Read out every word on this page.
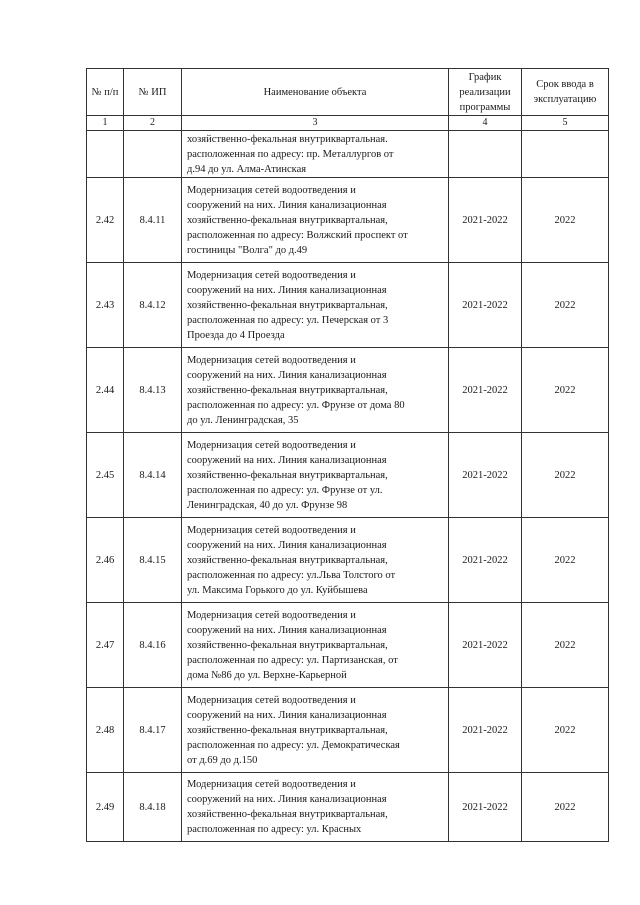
№ п/п	№ ИП	Наименование объекта	График реализации программы	Срок ввода в эксплуатацию
1	2	3	4	5

		хозяйственно-фекальная внутриквартальная.
расположенная по адресу: пр. Металлургов от
д.94 до ул. Алма-Атинская		

2.42	8.4.11	Модернизация сетей водоотведения и
сооружений на них. Линия канализационная
хозяйственно-фекальная внутриквартальная,
расположенная по адресу: Волжский проспект от
гостиницы "Волга" до д.49	2021-2022	2022
2.43	8.4.12	Модернизация сетей водоотведения и
сооружений на них. Линия канализационная
хозяйственно-фекальная внутриквартальная,
расположенная по адресу: ул. Печерская от 3
Проезда до 4 Проезда	2021-2022	2022
2.44	8.4.13	Модернизация сетей водоотведения и
сооружений на них. Линия канализационная
хозяйственно-фекальная внутриквартальная,
расположенная по адресу: ул. Фрунзе от дома 80
до ул. Ленинградская, 35	2021-2022	2022
2.45	8.4.14	Модернизация сетей водоотведения и
сооружений на них. Линия канализационная
хозяйственно-фекальная внутриквартальная,
расположенная по адресу: ул. Фрунзе от ул.
Ленинградская, 40 до ул. Фрунзе 98	2021-2022	2022
2.46	8.4.15	Модернизация сетей водоотведения и
сооружений на них. Линия канализационная
хозяйственно-фекальная внутриквартальная,
расположенная по адресу: ул.Льва Толстого от
ул. Максима Горького до ул. Куйбышева	2021-2022	2022
2.47	8.4.16	Модернизация сетей водоотведения и
сооружений на них. Линия канализационная
хозяйственно-фекальная внутриквартальная,
расположенная по адресу: ул. Партизанская, от
дома №86 до ул. Верхне-Карьерной	2021-2022	2022
2.48	8.4.17	Модернизация сетей водоотведения и
сооружений на них. Линия канализационная
хозяйственно-фекальная внутриквартальная,
расположенная по адресу: ул. Демократическая
от д.69 до д.150	2021-2022	2022
2.49	8.4.18	Модернизация сетей водоотведения и
сооружений на них. Линия канализационная
хозяйственно-фекальная внутриквартальная,
расположенная по адресу: ул. Красных	2021-2022	2022
